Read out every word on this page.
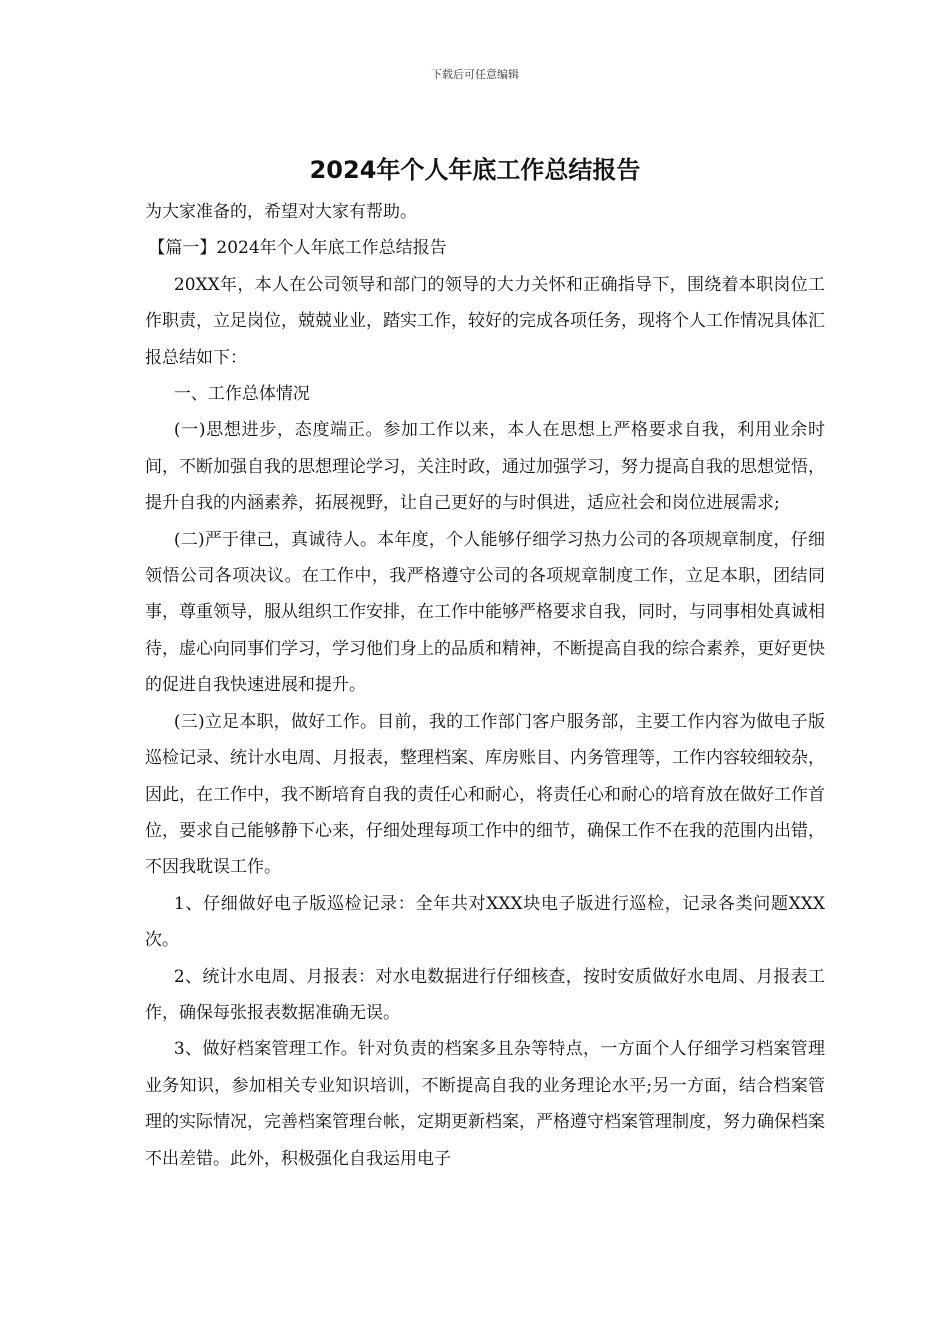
下载后可任意编辑
2024年个人年底工作总结报告

为大家准备的，希望对大家有帮助。

【篇一】2024年个人年底工作总结报告

20XX年，本人在公司领导和部门的领导的大力关怀和正确指导下，围绕着本职岗位工作职责，立足岗位，兢兢业业，踏实工作，较好的完成各项任务，现将个人工作情况具体汇报总结如下：

一、工作总体情况

(一)思想进步，态度端正。参加工作以来，本人在思想上严格要求自我，利用业余时间，不断加强自我的思想理论学习，关注时政，通过加强学习，努力提高自我的思想觉悟，提升自我的内涵素养，拓展视野，让自己更好的与时俱进，适应社会和岗位进展需求;

(二)严于律己，真诚待人。本年度，个人能够仔细学习热力公司的各项规章制度，仔细领悟公司各项决议。在工作中，我严格遵守公司的各项规章制度工作，立足本职，团结同事，尊重领导，服从组织工作安排，在工作中能够严格要求自我，同时，与同事相处真诚相待，虚心向同事们学习，学习他们身上的品质和精神，不断提高自我的综合素养，更好更快的促进自我快速进展和提升。

(三)立足本职，做好工作。目前，我的工作部门客户服务部，主要工作内容为做电子版巡检记录、统计水电周、月报表，整理档案、库房账目、内务管理等，工作内容较细较杂，因此，在工作中，我不断培育自我的责任心和耐心，将责任心和耐心的培育放在做好工作首位，要求自己能够静下心来，仔细处理每项工作中的细节，确保工作不在我的范围内出错，不因我耽误工作。

1、仔细做好电子版巡检记录：全年共对XXX块电子版进行巡检，记录各类问题XXX次。

2、统计水电周、月报表：对水电数据进行仔细核查，按时安质做好水电周、月报表工作，确保每张报表数据准确无误。

3、做好档案管理工作。针对负责的档案多且杂等特点，一方面个人仔细学习档案管理业务知识，参加相关专业知识培训，不断提高自我的业务理论水平;另一方面，结合档案管理的实际情况，完善档案管理台帐，定期更新档案，严格遵守档案管理制度，努力确保档案不出差错。此外，积极强化自我运用电子
